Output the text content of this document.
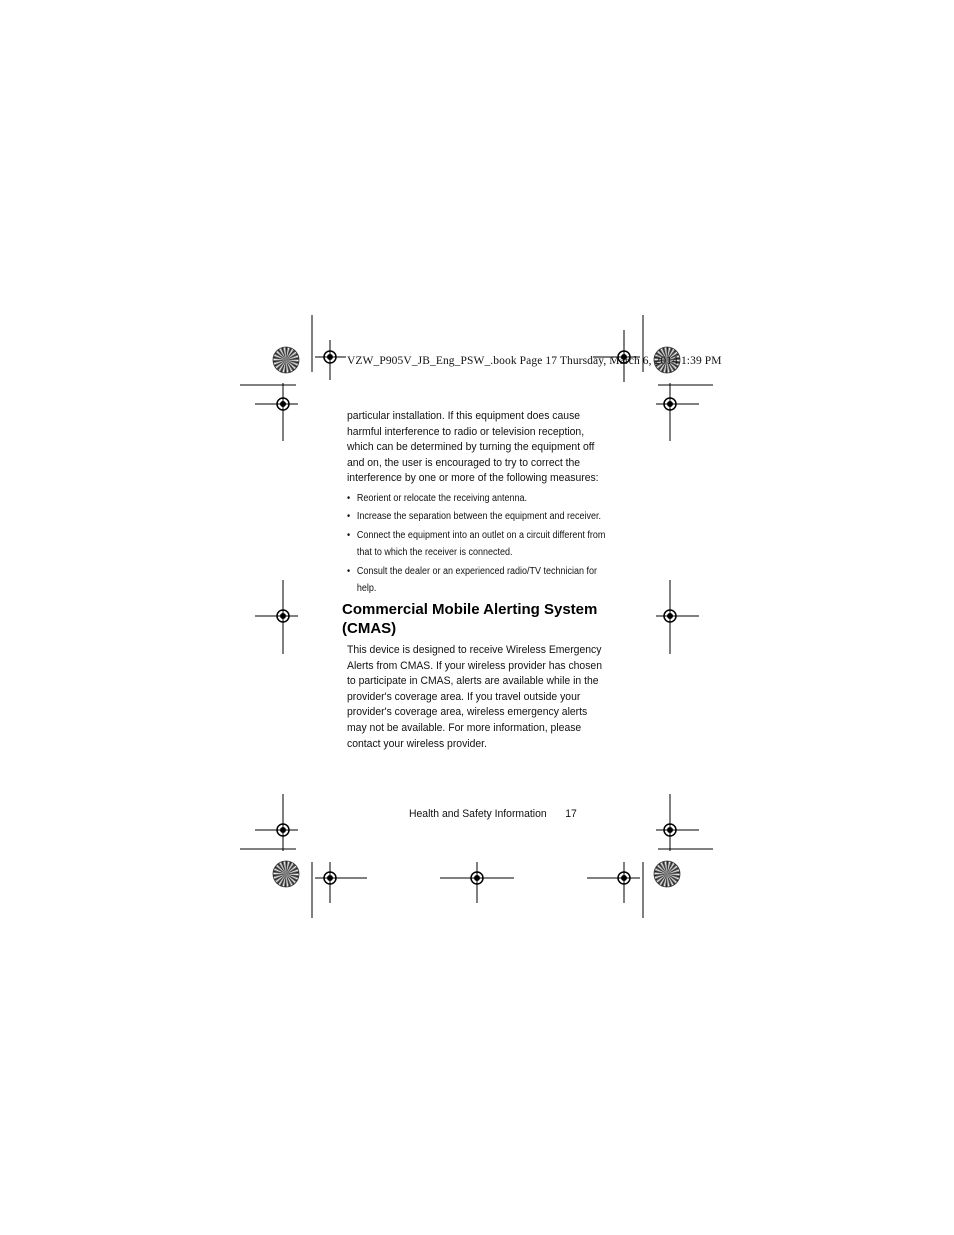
VZW_P905V_JB_Eng_PSW_.book Page 17 Thursday, March 6, 2014 1:39 PM

particular installation. If this equipment does cause harmful interference to radio or television reception, which can be determined by turning the equipment off and on, the user is encouraged to try to correct the interference by one or more of the following measures:

• Reorient or relocate the receiving antenna.
• Increase the separation between the equipment and receiver.
• Connect the equipment into an outlet on a circuit different from that to which the receiver is connected.
• Consult the dealer or an experienced radio/TV technician for help.
Commercial Mobile Alerting System (CMAS)

This device is designed to receive Wireless Emergency Alerts from CMAS. If your wireless provider has chosen to participate in CMAS, alerts are available while in the provider's coverage area. If you travel outside your provider's coverage area, wireless emergency alerts may not be available. For more information, please contact your wireless provider.

Health and Safety Information 17
